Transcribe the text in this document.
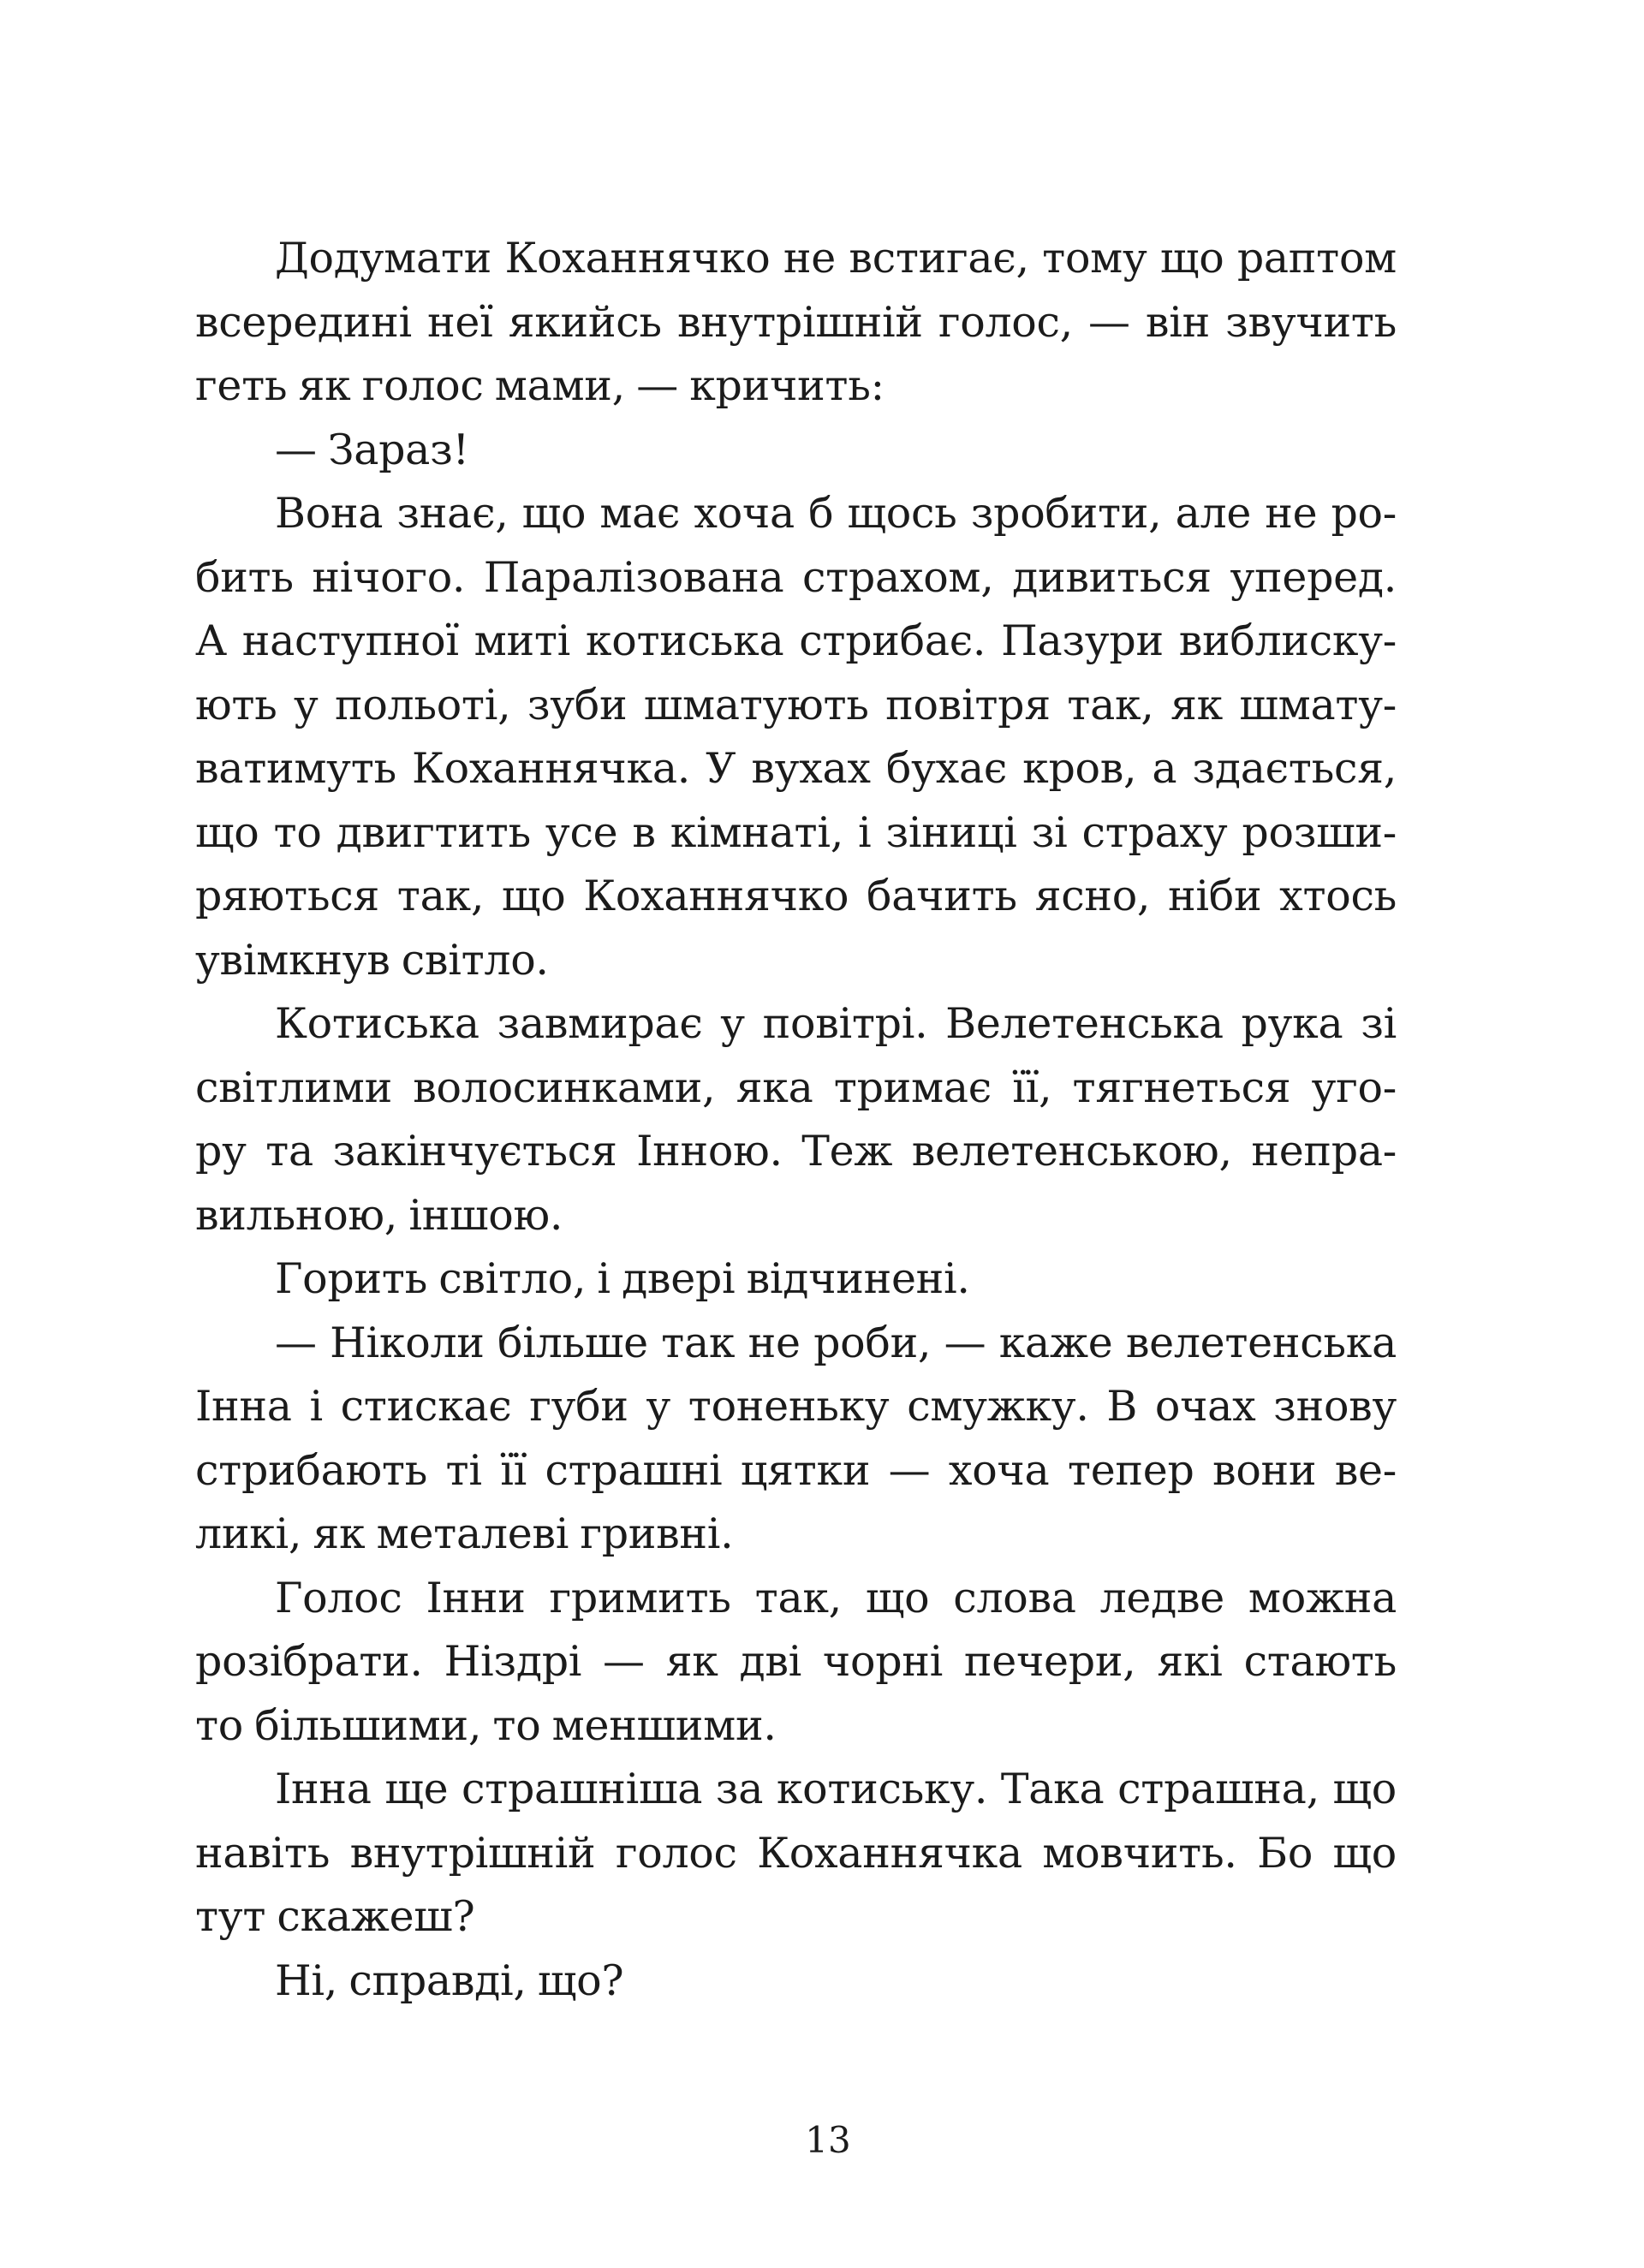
Додумати Коханнячко не встигає, тому що раптом
всередині неї якийсь внутрішній голос, — він звучить
геть як голос мами, — кричить:
— Зараз!
Вона знає, що має хоча б щось зробити, але не ро-
бить нічого. Паралізована страхом, дивиться уперед.
А наступної миті котиська стрибає. Пазури виблиску-
ють у польоті, зуби шматують повітря так, як шмату-
ватимуть Коханнячка. У вухах бухає кров, а здається,
що то двигтить усе в кімнаті, і зіниці зі страху розши-
ряються так, що Коханнячко бачить ясно, ніби хтось
увімкнув світло.
Котиська завмирає у повітрі. Велетенська рука зі
світлими волосинками, яка тримає її, тягнеться уго-
ру та закінчується Інною. Теж велетенською, непра-
вильною, іншою.
Горить світло, і двері відчинені.
— Ніколи більше так не роби, — каже велетенська
Інна і стискає губи у тоненьку смужку. В очах знову
стрибають ті її страшні цятки — хоча тепер вони ве-
ликі, як металеві гривні.
Голос Інни гримить так, що слова ледве можна
розібрати. Ніздрі — як дві чорні печери, які стають
то більшими, то меншими.
Інна ще страшніша за котиську. Така страшна, що
навіть внутрішній голос Коханнячка мовчить. Бо що
тут скажеш?
Ні, справді, що?
13
